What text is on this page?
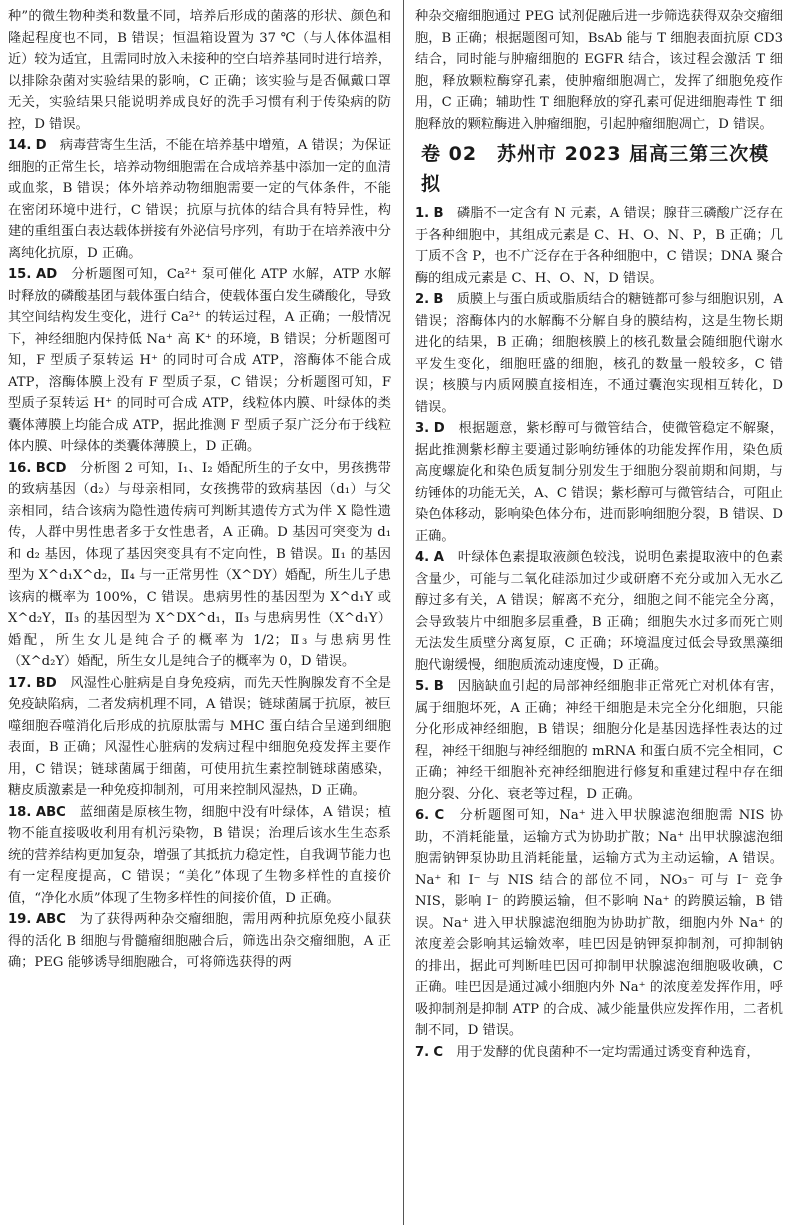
种”的微生物种类和数量不同，培养后形成的菌落的形状、颜色和隆起程度也不同，B 错误；恒温箱设置为 37 ℃（与人体体温相近）较为适宜，且需同时放入未接种的空白培养基同时进行培养，以排除杂菌对实验结果的影响，C 正确；该实验与是否佩戴口罩无关，实验结果只能说明养成良好的洗手习惯有利于传染病的防控，D 错误。

14. D　 病毒营寄生生活，不能在培养基中增殖，A 错误；为保证细胞的正常生长，培养动物细胞需在合成培养基中添加一定的血清或血浆，B 错误；体外培养动物细胞需要一定的气体条件，不能在密闭环境中进行，C 错误；抗原与抗体的结合具有特异性，构建的重组蛋白表达载体拼接有外泌信号序列，有助于在培养液中分离纯化抗原，D 正确。

15. AD　 分析题图可知，Ca²⁺ 泵可催化 ATP 水解，ATP 水解时释放的磷酸基团与载体蛋白结合，使载体蛋白发生磷酸化，导致其空间结构发生变化，进行 Ca²⁺ 的转运过程，A 正确；一般情况下，神经细胞内保持低 Na⁺ 高 K⁺ 的环境，B 错误；分析题图可知，F 型质子泵转运 H⁺ 的同时可合成 ATP，溶酶体不能合成 ATP，溶酶体膜上没有 F 型质子泵，C 错误；分析题图可知，F 型质子泵转运 H⁺ 的同时可合成 ATP，线粒体内膜、叶绿体的类囊体薄膜上均能合成 ATP，据此推测 F 型质子泵广泛分布于线粒体内膜、叶绿体的类囊体薄膜上，D 正确。

16. BCD　 分析图 2 可知，Ⅰ₁、Ⅰ₂ 婚配所生的子女中，男孩携带的致病基因（d₂）与母亲相同，女孩携带的致病基因（d₁）与父亲相同，结合该病为隐性遗传病可判断其遗传方式为伴 X 隐性遗传，人群中男性患者多于女性患者，A 正确。D 基因可突变为 d₁ 和 d₂ 基因，体现了基因突变具有不定向性，B 错误。Ⅱ₁ 的基因型为 X^d₁X^d₂，Ⅱ₄ 与一正常男性（X^DY）婚配，所生儿子患该病的概率为 100%，C 错误。患病男性的基因型为 X^d₁Y 或 X^d₂Y，Ⅱ₃ 的基因型为 X^DX^d₁，Ⅱ₃ 与患病男性（X^d₁Y）婚配，所生女儿是纯合子的概率为 1/2；Ⅱ₃ 与患病男性（X^d₂Y）婚配，所生女儿是纯合子的概率为 0，D 错误。

17. BD　 风湿性心脏病是自身免疫病，而先天性胸腺发育不全是免疫缺陷病，二者发病机理不同，A 错误；链球菌属于抗原，被巨噬细胞吞噬消化后形成的抗原肽需与 MHC 蛋白结合呈递到细胞表面，B 正确；风湿性心脏病的发病过程中细胞免疫发挥主要作用，C 错误；链球菌属于细菌，可使用抗生素控制链球菌感染，糖皮质激素是一种免疫抑制剂，可用来控制风湿热，D 正确。

18. ABC　 蓝细菌是原核生物，细胞中没有叶绿体，A 错误；植物不能直接吸收利用有机污染物，B 错误；治理后该水生生态系统的营养结构更加复杂，增强了其抵抗力稳定性，自我调节能力也有一定程度提高，C 错误；“美化”体现了生物多样性的直接价值，“净化水质”体现了生物多样性的间接价值，D 正确。

19. ABC　 为了获得两种杂交瘤细胞，需用两种抗原免疫小鼠获得的活化 B 细胞与骨髓瘤细胞融合后，筛选出杂交瘤细胞，A 正确；PEG 能够诱导细胞融合，可将筛选获得的两

种杂交瘤细胞通过 PEG 试剂促融后进一步筛选获得双杂交瘤细胞，B 正确；根据题图可知，BsAb 能与 T 细胞表面抗原 CD3 结合，同时能与肿瘤细胞的 EGFR 结合，该过程会激活 T 细胞，释放颗粒酶穿孔素，使肿瘤细胞凋亡，发挥了细胞免疫作用，C 正确；辅助性 T 细胞释放的穿孔素可促进细胞毒性 T 细胞释放的颗粒酶进入肿瘤细胞，引起肿瘤细胞凋亡，D 错误。

卷 02　苏州市 2023 届高三第三次模拟

1. B　 磷脂不一定含有 N 元素，A 错误；腺苷三磷酸广泛存在于各种细胞中，其组成元素是 C、H、O、N、P，B 正确；几丁质不含 P，也不广泛存在于各种细胞中，C 错误；DNA 聚合酶的组成元素是 C、H、O、N，D 错误。

2. B　 质膜上与蛋白质或脂质结合的糖链都可参与细胞识别，A 错误；溶酶体内的水解酶不分解自身的膜结构，这是生物长期进化的结果，B 正确；细胞核膜上的核孔数量会随细胞代谢水平发生变化，细胞旺盛的细胞，核孔的数量一般较多，C 错误；核膜与内质网膜直接相连，不通过囊泡实现相互转化，D 错误。

3. D　 根据题意，紫杉醇可与微管结合，使微管稳定不解聚，据此推测紫杉醇主要通过影响纺锤体的功能发挥作用，染色质高度螺旋化和染色质复制分别发生于细胞分裂前期和间期，与纺锤体的功能无关，A、C 错误；紫杉醇可与微管结合，可阻止染色体移动，影响染色体分布，进而影响细胞分裂，B 错误、D 正确。

4. A　 叶绿体色素提取液颜色较浅，说明色素提取液中的色素含量少，可能与二氧化硅添加过少或研磨不充分或加入无水乙醇过多有关，A 错误；解离不充分，细胞之间不能完全分离，会导致装片中细胞多层重叠，B 正确；细胞失水过多而死亡则无法发生质壁分离复原，C 正确；环境温度过低会导致黑藻细胞代谢缓慢，细胞质流动速度慢，D 正确。

5. B　 因脑缺血引起的局部神经细胞非正常死亡对机体有害，属于细胞坏死，A 正确；神经干细胞是未完全分化细胞，只能分化形成神经细胞，B 错误；细胞分化是基因选择性表达的过程，神经干细胞与神经细胞的 mRNA 和蛋白质不完全相同，C 正确；神经干细胞补充神经细胞进行修复和重建过程中存在细胞分裂、分化、衰老等过程，D 正确。

6. C　 分析题图可知，Na⁺ 进入甲状腺滤泡细胞需 NIS 协助，不消耗能量，运输方式为协助扩散；Na⁺ 出甲状腺滤泡细胞需钠钾泵协助且消耗能量，运输方式为主动运输，A 错误。Na⁺ 和 I⁻ 与 NIS 结合的部位不同，NO₃⁻ 可与 I⁻ 竞争 NIS，影响 I⁻ 的跨膜运输，但不影响 Na⁺ 的跨膜运输，B 错误。Na⁺ 进入甲状腺滤泡细胞为协助扩散，细胞内外 Na⁺ 的浓度差会影响其运输效率，哇巴因是钠钾泵抑制剂，可抑制钠的排出，据此可判断哇巴因可抑制甲状腺滤泡细胞吸收碘，C 正确。哇巴因是通过减小细胞内外 Na⁺ 的浓度差发挥作用，呼吸抑制剂是抑制 ATP 的合成、减少能量供应发挥作用，二者机制不同，D 错误。

7. C　 用于发酵的优良菌种不一定均需通过诱变育种选育，
